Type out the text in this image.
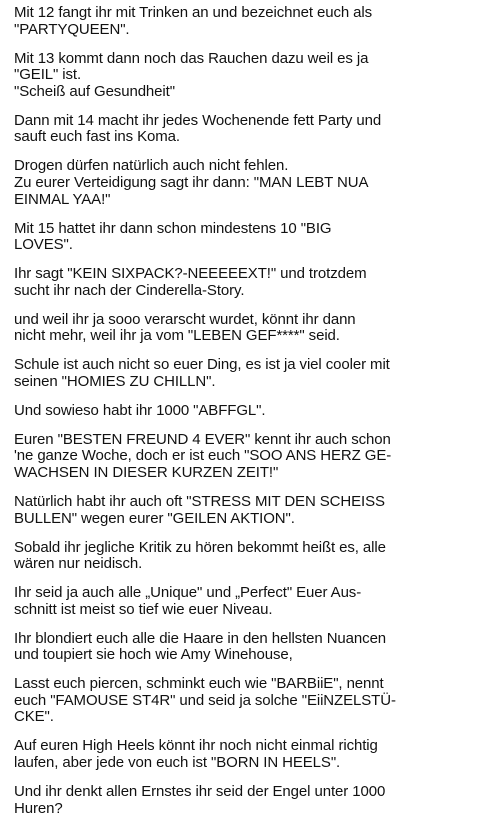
Mit 12 fangt ihr mit Trinken an und bezeichnet euch als
"PARTYQUEEN".

Mit 13 kommt dann noch das Rauchen dazu weil es ja
"GEIL" ist.
"Scheiß auf Gesundheit"

Dann mit 14 macht ihr jedes Wochenende fett Party und
sauft euch fast ins Koma.

Drogen dürfen natürlich auch nicht fehlen.
Zu eurer Verteidigung sagt ihr dann: "MAN LEBT NUA
EINMAL YAA!"

Mit 15 hattet ihr dann schon mindestens 10 "BIG
LOVES".

Ihr sagt "KEIN SIXPACK?-NEEEEEXT!" und trotzdem
sucht ihr nach der Cinderella-Story.

und weil ihr ja sooo verarscht wurdet, könnt ihr dann
nicht mehr, weil ihr ja vom "LEBEN GEF****" seid.

Schule ist auch nicht so euer Ding, es ist ja viel cooler mit
seinen "HOMIES ZU CHILLN".

Und sowieso habt ihr 1000 "ABFFGL".

Euren "BESTEN FREUND 4 EVER" kennt ihr auch schon
'ne ganze Woche, doch er ist euch "SOO ANS HERZ GE-
WACHSEN IN DIESER KURZEN ZEIT!"

Natürlich habt ihr auch oft "STRESS MIT DEN SCHEISS
BULLEN" wegen eurer "GEILEN AKTION".

Sobald ihr jegliche Kritik zu hören bekommt heißt es, alle
wären nur neidisch.

Ihr seid ja auch alle „Unique" und „Perfect" Euer Aus-
schnitt ist meist so tief wie euer Niveau.

Ihr blondiert euch alle die Haare in den hellsten Nuancen
und toupiert sie hoch wie Amy Winehouse,

Lasst euch piercen, schminkt euch wie "BARBiiE", nennt
euch "FAMOUSE ST4R" und seid ja solche "EiiNZELSTÜ-
CKE".

Auf euren High Heels könnt ihr noch nicht einmal richtig
laufen, aber jede von euch ist "BORN IN HEELS".

Und ihr denkt allen Ernstes ihr seid der Engel unter 1000
Huren?
